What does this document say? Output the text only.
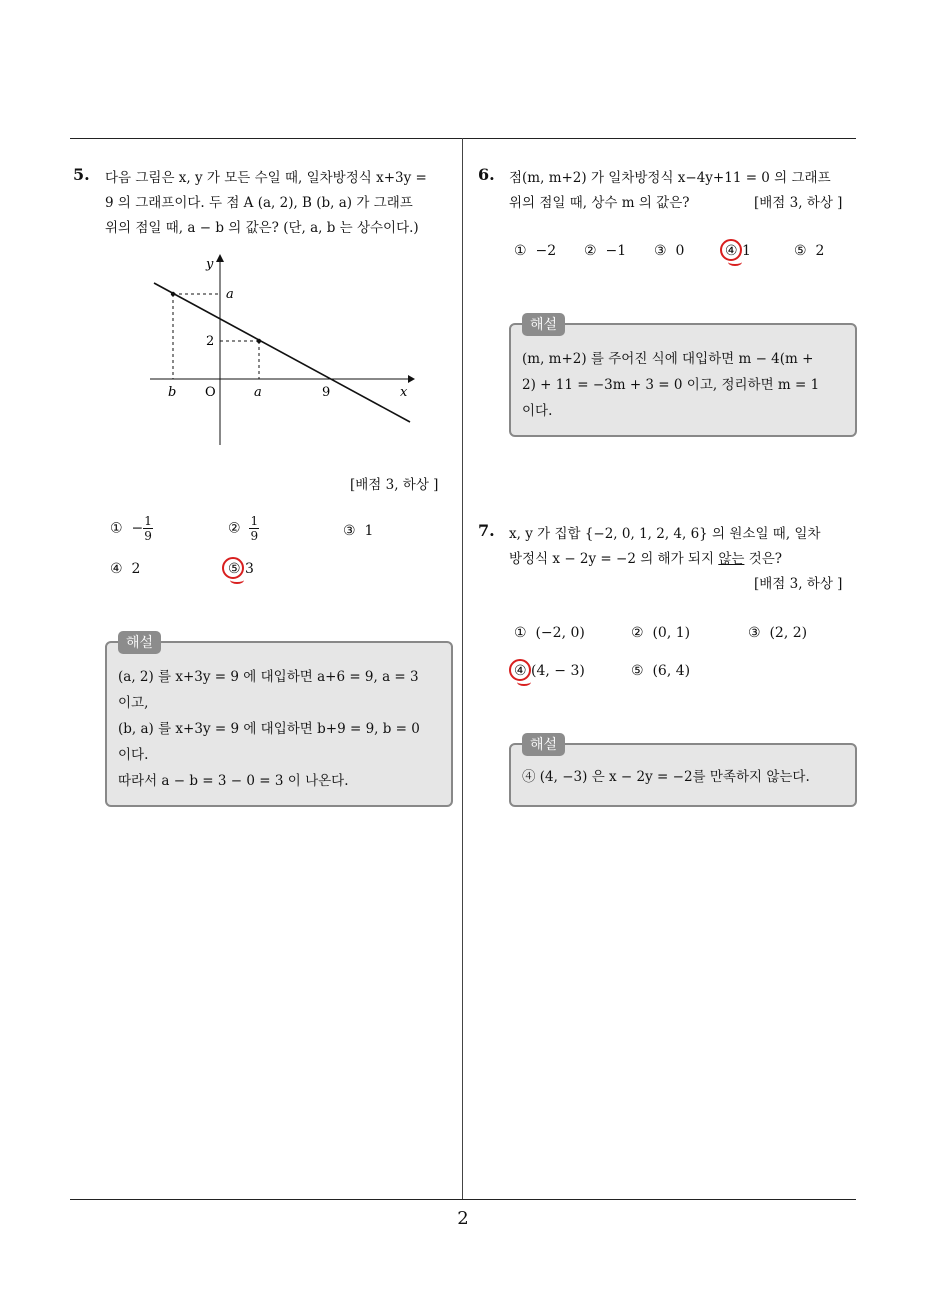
5. 다음 그림은 x, y 가 모든 수일 때, 일차방정식 x+3y =
9 의 그래프이다. 두 점 A (a, 2), B (b, a) 가 그래프
위의 점일 때, a − b 의 값은? (단, a, b 는 상수이다.)
y
x
a
2
b O	a	9
[배점 3, 하상 ]
① − $\frac{1}{9}$	② $\frac{1}{9}$	③ 1
④ 2	⑤ 3
(a, 2) 를 x+3y = 9 에 대입하면 a+6 = 9, a = 3
이고,
(b, a) 를 x+3y = 9 에 대입하면 b+9 = 9, b = 0
이다.
따라서 a − b = 3 − 0 = 3 이 나온다.
해설
6. 점(m, m+2) 가 일차방정식 x−4y+11 = 0 의 그래프
위의 점일 때, 상수 m 의 값은?	[배점 3, 하상 ]
① −2 ② −1 ③ 0	④ 1	⑤ 2
(m, m+2) 를 주어진 식에 대입하면 m − 4(m +
2) + 11 = −3m + 3 = 0 이고, 정리하면 m = 1
이다.
해설
7. x, y 가 집합 {−2, 0, 1, 2, 4, 6} 의 원소일 때, 일차
방정식 x − 2y = −2 의 해가 되지 않는 것은?
[배점 3, 하상 ]
① (−2, 0)	② (0, 1)	③ (2, 2)
④ (4, − 3)	⑤ (6, 4)
④ (4, −3) 은 x − 2y = −2를 만족하지 않는다.
해설
2
